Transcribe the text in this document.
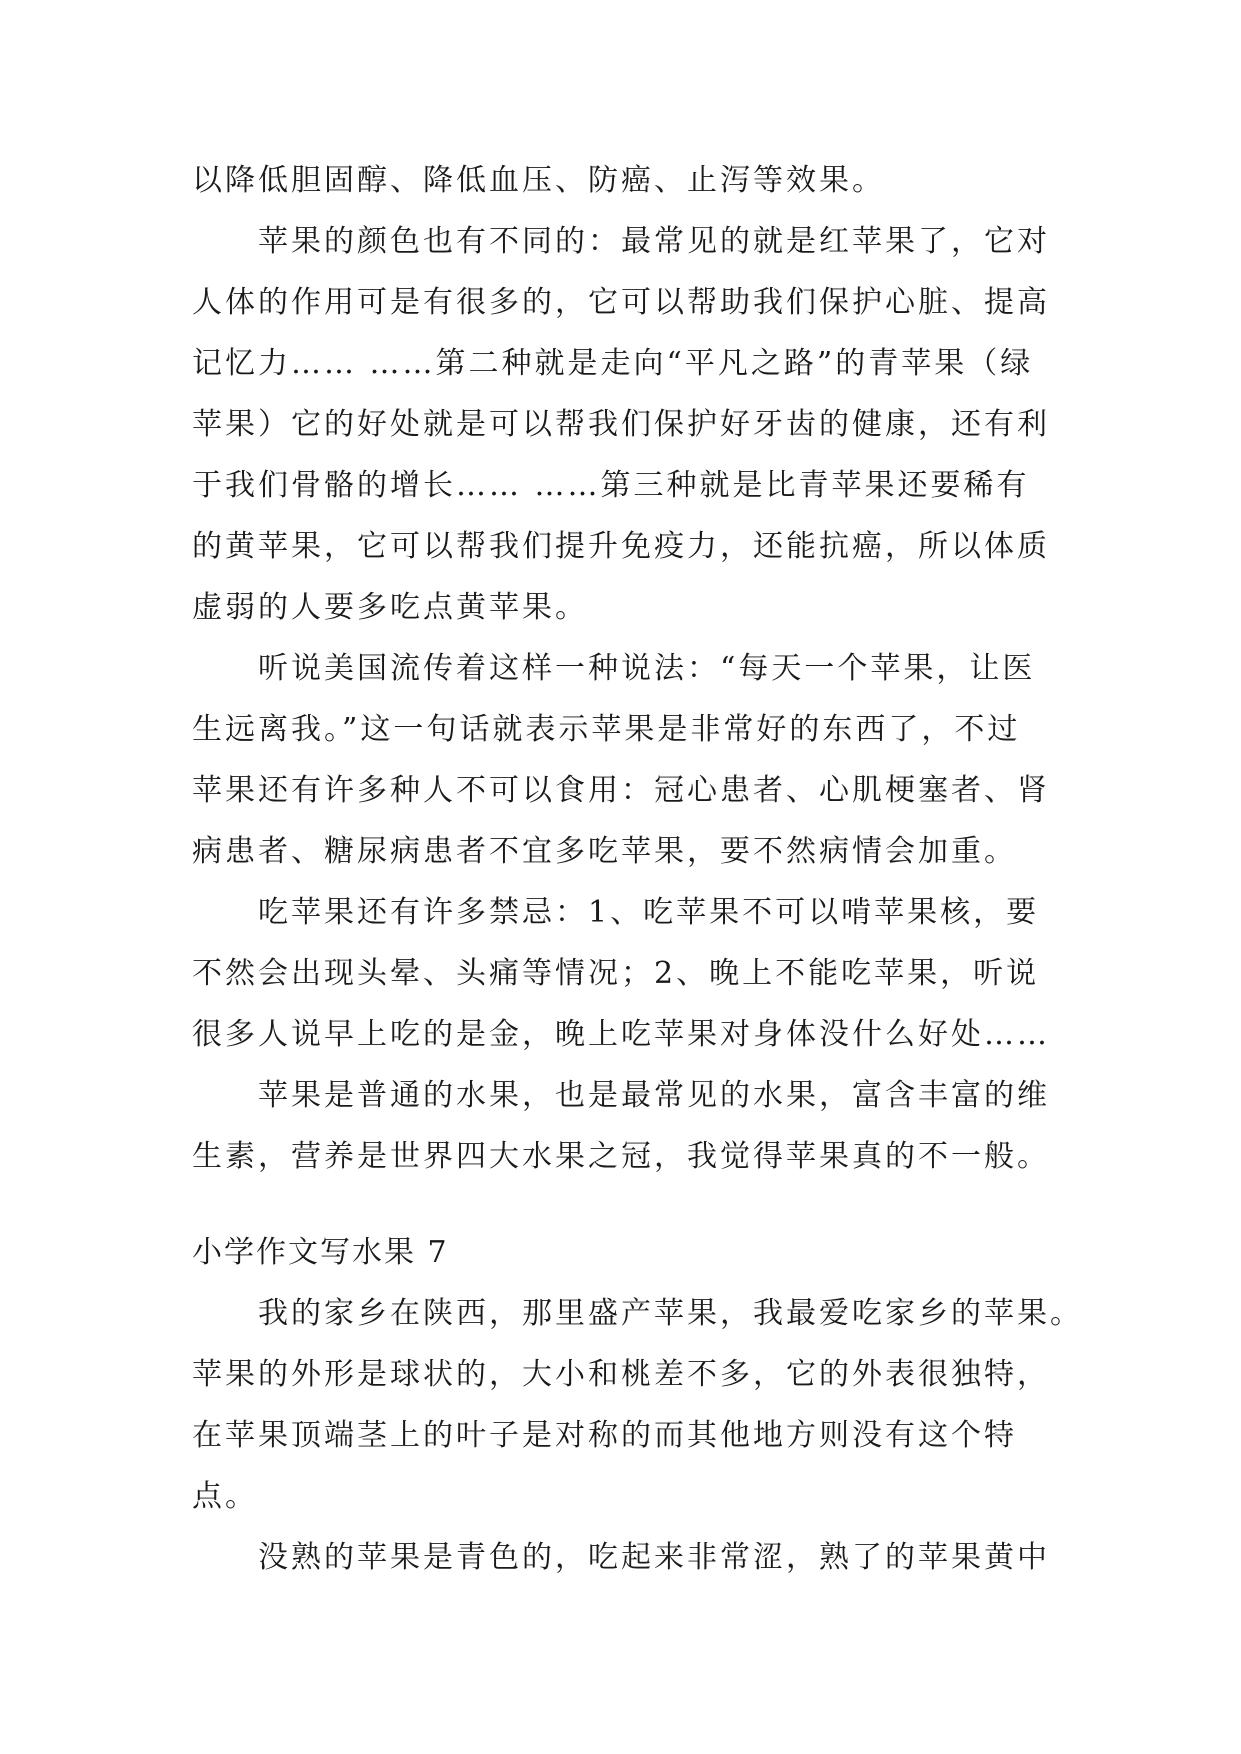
以降低胆固醇、降低血压、防癌、止泻等效果。
　　苹果的颜色也有不同的：最常见的就是红苹果了，它对
人体的作用可是有很多的，它可以帮助我们保护心脏、提高
记忆力…… ……第二种就是走向“平凡之路”的青苹果（绿
苹果）它的好处就是可以帮我们保护好牙齿的健康，还有利
于我们骨骼的增长…… ……第三种就是比青苹果还要稀有
的黄苹果，它可以帮我们提升免疫力，还能抗癌，所以体质
虚弱的人要多吃点黄苹果。
　　听说美国流传着这样一种说法：“每天一个苹果，让医
生远离我。”这一句话就表示苹果是非常好的东西了，不过
苹果还有许多种人不可以食用：冠心患者、心肌梗塞者、肾
病患者、糖尿病患者不宜多吃苹果，要不然病情会加重。
　　吃苹果还有许多禁忌：1、吃苹果不可以啃苹果核，要
不然会出现头晕、头痛等情况；2、晚上不能吃苹果，听说
很多人说早上吃的是金，晚上吃苹果对身体没什么好处……
　　苹果是普通的水果，也是最常见的水果，富含丰富的维
生素，营养是世界四大水果之冠，我觉得苹果真的不一般。
小学作文写水果 7
　　我的家乡在陕西，那里盛产苹果，我最爱吃家乡的苹果。
苹果的外形是球状的，大小和桃差不多，它的外表很独特，
在苹果顶端茎上的叶子是对称的而其他地方则没有这个特
点。
　　没熟的苹果是青色的，吃起来非常涩，熟了的苹果黄中
